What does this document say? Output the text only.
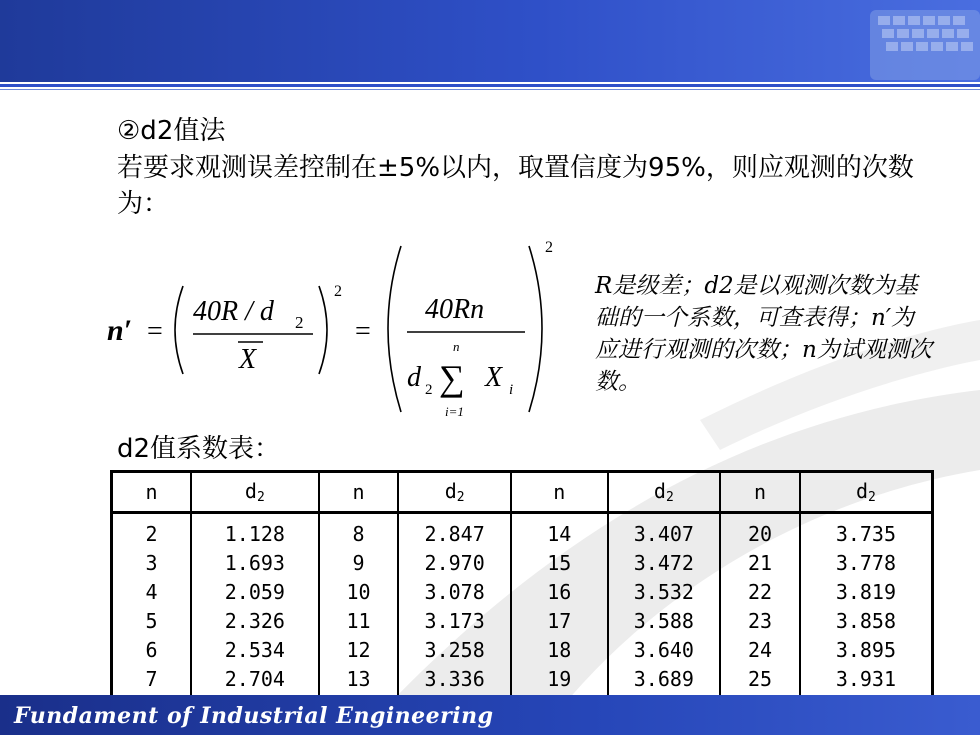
②d2值法
若要求观测误差控制在±5%以内，取置信度为95%，则应观测的次数为：
n′ =
40R / d 2
X
2
=
40Rn
d 2 ∑
n
i=1
X i
2
R是级差；d2是以观测次数为基础的一个系数，可查表得；n′为应进行观测的次数；n为试观测次数。
d2值系数表：
n	$d_2$	n	$d_2$	n	$d_2$	n	$d_2$
2	1.128	8	2.847	14	3.407	20	3.735
3	1.693	9	2.970	15	3.472	21	3.778
4	2.059	10	3.078	16	3.532	22	3.819
5	2.326	11	3.173	17	3.588	23	3.858
6	2.534	12	3.258	18	3.640	24	3.895
7	2.704	13	3.336	19	3.689	25	3.931
Fundament of Industrial Engineering
